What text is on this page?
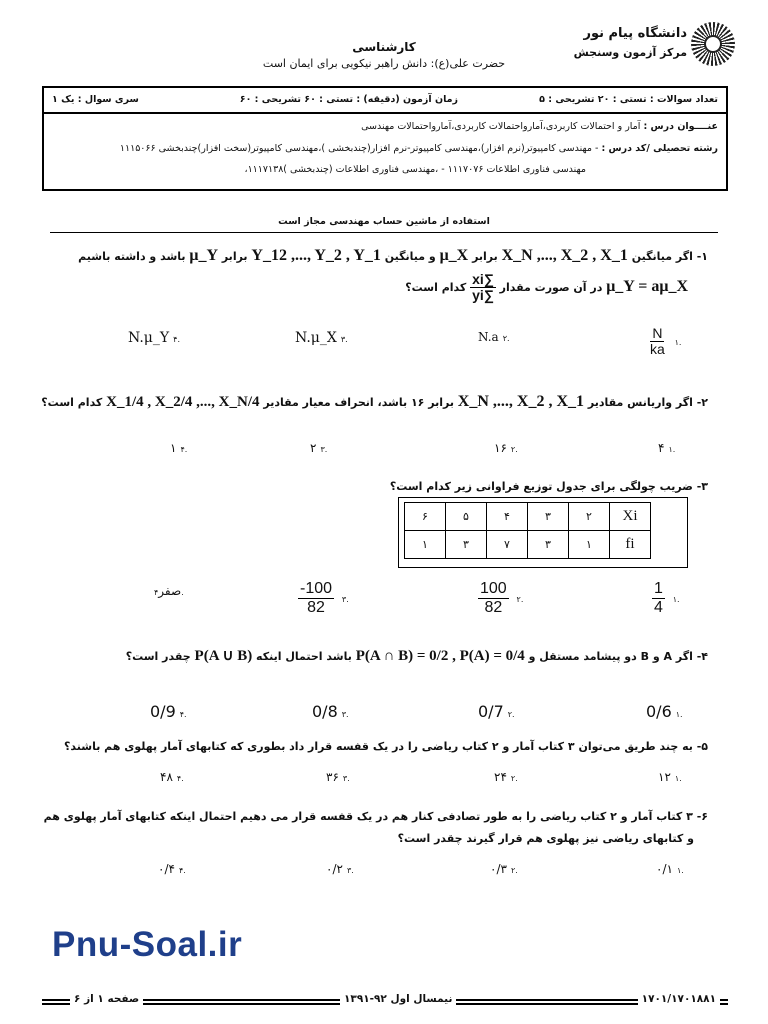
دانشگاه پیام نور
مرکز آزمون وسنجش
کارشناسی
حضرت علی(ع): دانش راهبر نیکویی برای ایمان است
تعداد سوالات : تستی : ۲۰ تشریحی : ۵
زمان آزمون (دقیقه) : تستی : ۶۰ تشریحی : ۶۰
سری سوال : یک ۱
عنــــوان درس : آمار و احتمالات کاربردی،آمارواحتمالات کاربردی،آمارواحتمالات مهندسی
رشته تحصیلی /کد درس : - مهندسی کامپیوتر(نرم افزار)،مهندسی کامپیوتر-نرم افزار(چندبخشی )،مهندسی کامپیوتر(سخت افزار)چندبخشی ۱۱۱۵۰۶۶
مهندسی فناوری اطلاعات ۱۱۱۷۰۷۶ - ،مهندسی فناوری اطلاعات (چندبخشی )۱۱۱۷۱۳۸،
استفاده از ماشین حساب مهندسی مجاز است
۱- اگر میانگین X_N ,..., X_2 , X_1 برابر μ_X و میانگین Y_12 ,..., Y_2 , Y_1 برابر μ_Y باشد و داشته باشیم
μ_Y = aμ_X در آن صورت مقدار
$\frac{\sum xi}{\sum yi}$
کدام است؟
$\frac{N}{ka}$ ۱.
N.a ۲.
N.μ_X ۳.
N.μ_Y ۴.
۲- اگر واریانس مقادیر X_N ,..., X_2 , X_1 برابر ۱۶ باشد، انحراف معیار مقادیر X_1/4 , X_2/4 ,..., X_N/4 کدام است؟
۴ ۱.
۱۶ ۲.
۲ ۳.
۱ ۴.
۳- ضریب چولگی برای جدول توزیع فراوانی زیر کدام است؟
۶	۵	۴	۳	۲	Xi
۱	۳	۷	۳	۱	fi
$\frac{1}{4}$ ۱.
$\frac{100}{82}$ ۲.
$\frac{-100}{82}$ ۳.
صفر۴.
۴- اگر A و B دو پیشامد مستقل و P(A ∩ B) = 0/2 , P(A) = 0/4 باشد احتمال اینکه P(A ∪ B) چقدر است؟
0/6 ۱.
0/7 ۲.
0/8 ۳.
0/9 ۴.
۵- به چند طریق می‌توان ۳ کتاب آمار و ۲ کتاب ریاضی را در یک قفسه قرار داد بطوری که کتابهای آمار پهلوی هم باشند؟
۱۲ ۱.
۲۴ ۲.
۳۶ ۳.
۴۸ ۴.
۶- ۳ کتاب آمار و ۲ کتاب ریاضی را به طور تصادفی کنار هم در یک قفسه قرار می دهیم احتمال اینکه کتابهای آمار پهلوی هم
و کتابهای ریاضی نیز پهلوی هم قرار گیرند چقدر است؟
۰/۱ ۱.
۰/۳ ۲.
۰/۲ ۳.
۰/۴ ۴.
Pnu-Soal.ir
صفحه ۱ از ۶	نیمسال اول ۹۲-۱۳۹۱	۱۷۰۱/۱۷۰۱۸۸۱
